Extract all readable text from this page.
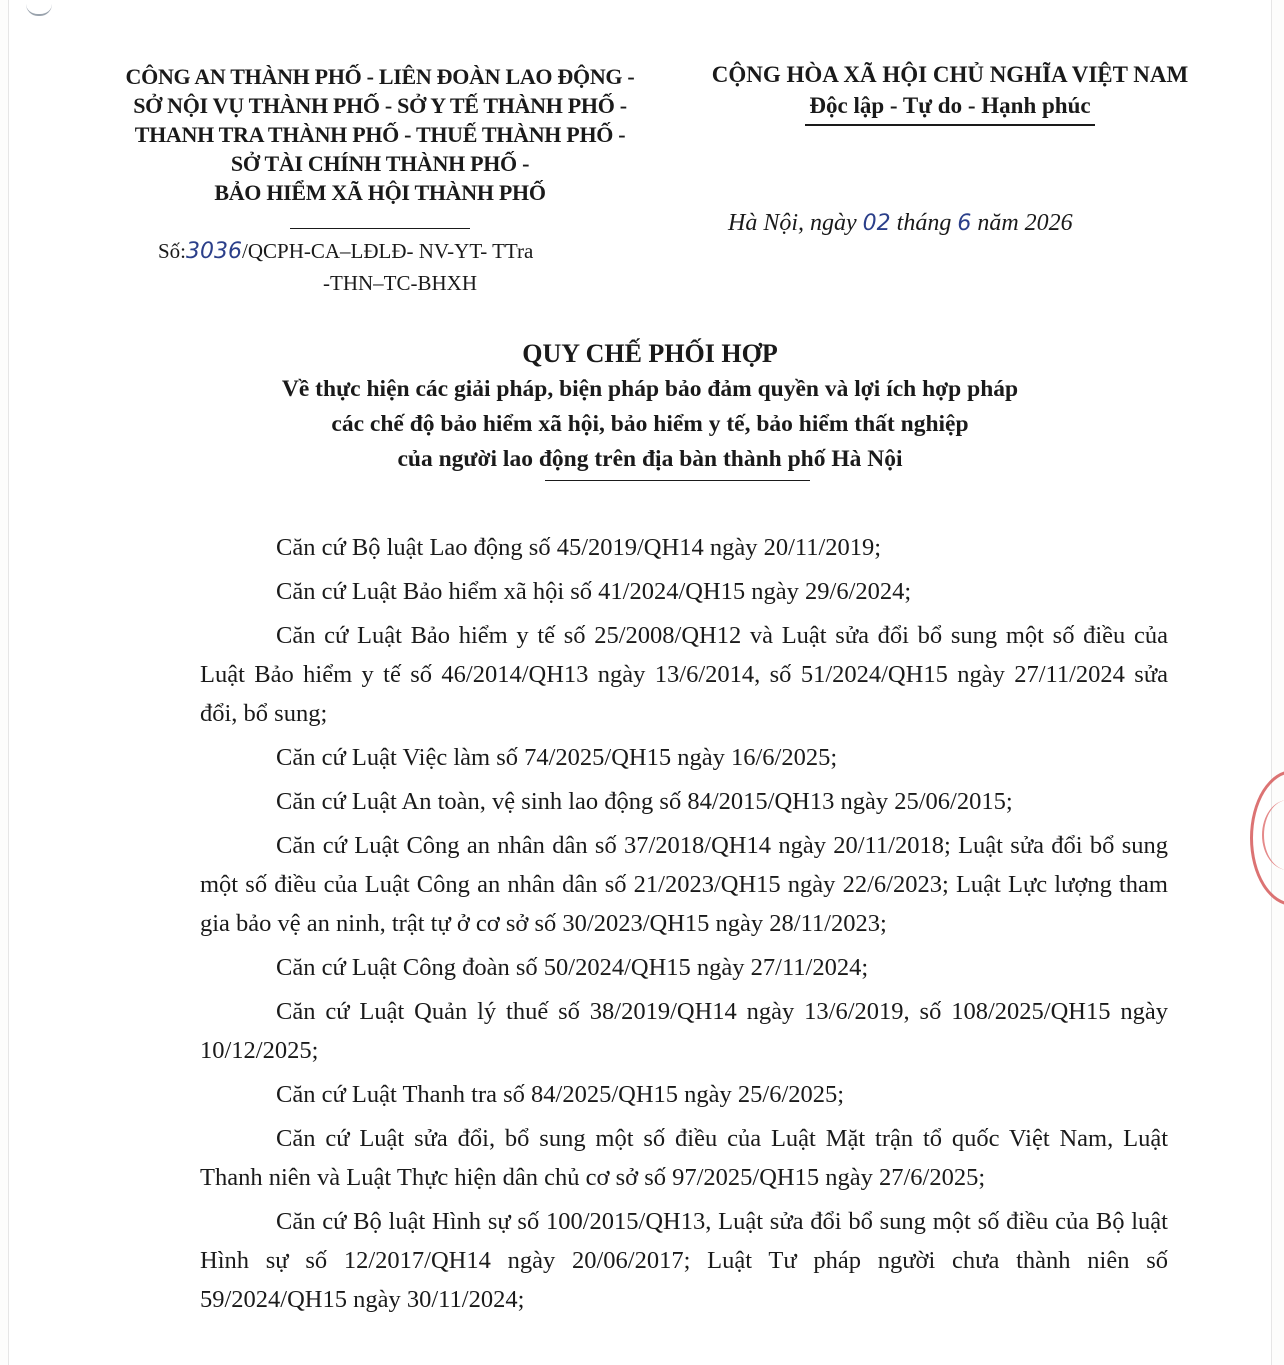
CÔNG AN THÀNH PHỐ - LIÊN ĐOÀN LAO ĐỘNG -
SỞ NỘI VỤ THÀNH PHỐ - SỞ Y TẾ THÀNH PHỐ -
THANH TRA THÀNH PHỐ - THUẾ THÀNH PHỐ -
SỞ TÀI CHÍNH THÀNH PHỐ -
BẢO HIỂM XÃ HỘI THÀNH PHỐ
CỘNG HÒA XÃ HỘI CHỦ NGHĨA VIỆT NAM
Độc lập - Tự do - Hạnh phúc
Hà Nội, ngày 02 tháng 6 năm 2026
Số:3036/QCPH-CA–LĐLĐ- NV-YT- TTra
-THN–TC-BHXH
QUY CHẾ PHỐI HỢP
Về thực hiện các giải pháp, biện pháp bảo đảm quyền và lợi ích hợp pháp
các chế độ bảo hiểm xã hội, bảo hiểm y tế, bảo hiểm thất nghiệp
của người lao động trên địa bàn thành phố Hà Nội

Căn cứ Bộ luật Lao động số 45/2019/QH14 ngày 20/11/2019;

Căn cứ Luật Bảo hiểm xã hội số 41/2024/QH15 ngày 29/6/2024;

Căn cứ Luật Bảo hiểm y tế số 25/2008/QH12 và Luật sửa đổi bổ sung một số điều của Luật Bảo hiểm y tế số 46/2014/QH13 ngày 13/6/2014, số 51/2024/QH15 ngày 27/11/2024 sửa đổi, bổ sung;

Căn cứ Luật Việc làm số 74/2025/QH15 ngày 16/6/2025;

Căn cứ Luật An toàn, vệ sinh lao động số 84/2015/QH13 ngày 25/06/2015;

Căn cứ Luật Công an nhân dân số 37/2018/QH14 ngày 20/11/2018; Luật sửa đổi bổ sung một số điều của Luật Công an nhân dân số 21/2023/QH15 ngày 22/6/2023; Luật Lực lượng tham gia bảo vệ an ninh, trật tự ở cơ sở số 30/2023/QH15 ngày 28/11/2023;

Căn cứ Luật Công đoàn số 50/2024/QH15 ngày 27/11/2024;

Căn cứ Luật Quản lý thuế số 38/2019/QH14 ngày 13/6/2019, số 108/2025/QH15 ngày 10/12/2025;

Căn cứ Luật Thanh tra số 84/2025/QH15 ngày 25/6/2025;

Căn cứ Luật sửa đổi, bổ sung một số điều của Luật Mặt trận tổ quốc Việt Nam, Luật Thanh niên và Luật Thực hiện dân chủ cơ sở số 97/2025/QH15 ngày 27/6/2025;

Căn cứ Bộ luật Hình sự số 100/2015/QH13, Luật sửa đổi bổ sung một số điều của Bộ luật Hình sự số 12/2017/QH14 ngày 20/06/2017; Luật Tư pháp người chưa thành niên số 59/2024/QH15 ngày 30/11/2024;
